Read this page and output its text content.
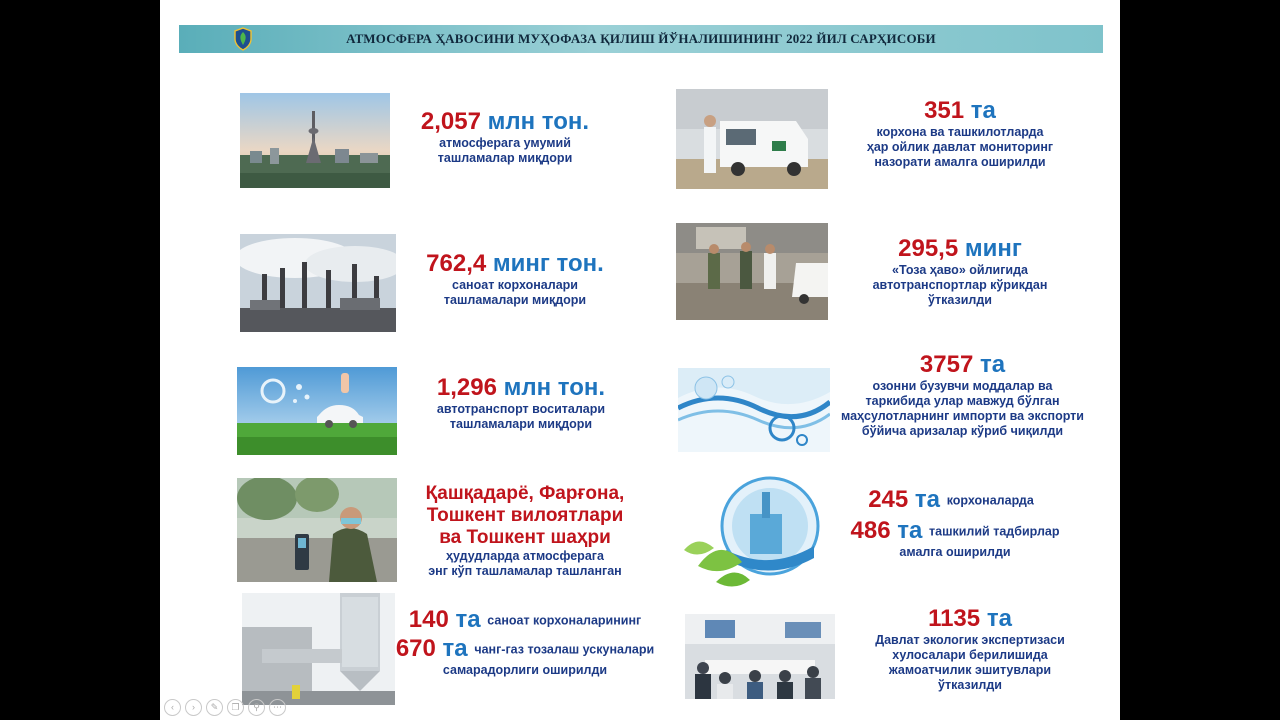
АТМОСФЕРА ҲАВОСИНИ МУҲОФАЗА ҚИЛИШ ЙЎНАЛИШИНИНГ 2022 ЙИЛ САРҲИСОБИ
2,057 млн тон.
атмосферага умумий
ташламалар миқдори
762,4 минг тон.
саноат корхоналари
ташламалари миқдори
1,296 млн тон.
автотранспорт воситалари
ташламалари миқдори
Қашқадарё, Фарғона,
Тошкент вилоятлари
ва Тошкент шаҳри
ҳудудларда атмосферага
энг кўп ташламалар ташланган
140 та саноат корхоналарининг
670 та чанг-газ тозалаш ускуналари
самарадорлиги оширилди
351 та
корхона ва ташкилотларда
ҳар ойлик давлат мониторинг
назорати амалга оширилди
295,5 минг
«Тоза ҳаво» ойлигида
автотранспортлар кўрикдан
ўтказилди
3757 та
озонни бузувчи моддалар ва
таркибида улар мавжуд бўлган
маҳсулотларнинг импорти ва экспорти
бўйича аризалар кўриб чиқилди
245 та корхоналарда
486 та ташкилий тадбирлар
амалга оширилди
1135 та
Давлат экологик экспертизаси
хулосалари берилишида
жамоатчилик эшитувлари
ўтказилди
‹ › ✎ ❐ ⚲ ⋯
